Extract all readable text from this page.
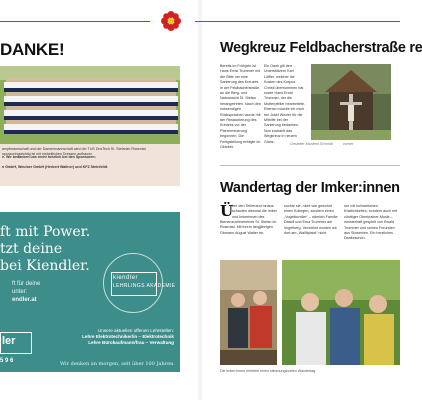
DANKE!
ampfmannschaft und der Damenmannschaft wird der TUS DnsTech St. Stefanim Rosental
sponsoringwichtig ist mit einheitlichen Dressen aufbauen
e. Wir bedanken uns recht herzlich bei den Sponsoren:
n GmbH, Weutner GmbH (Herbert Wallner) und KFZ Steinfeldt.
ft mit Power.
tzt deine
bei Kiendler.
ft für deine
unter:
endler.at
kiendler
LEHRLINGS AKADEMIE
ler
5 9 6
Unsere aktuellen offenen Lehrstellen:
Lehre Elektrotechniker/in – Elektrotechnik
Lehre Bürokaufmann/frau – Verwaltung
Wir denken an morgen, seit über 100 Jahren.
Wegkreuz Feldbacherstraße re
Bereits im Frühjahr ist Hans Ernst Trummer mit der Bitte um eine Sanierung des Kreuzes in der Feldbacherstraße, an die Berg- und Naturwacht St. Stefan herangetreten. Nach den notwendigen Rücksprachen wurde mit der Restaurierung des Kreuzes vor der Pfarrerneuerung begonnen. Die Fertigstellung erfolgte im Oktober.
Ein Dank gilt den Unterstützern Karl Löffler, welcher die Kosten des Korpus Christi übernommen hat sowie Hans Ernst Trummer, der die Mutterpfeiler bearbeitete. Ebenso möchte ich mich bei Josef Wexler für die Mithilfe bei der Sanierung bedanken. Nun erstrahlt das Wegkreuz in neuem Glanz.
Ortsleiter Manfred Schmidt	vorher
Wandertag der Imker:innen
Ü
ber den Tellerrand hinaus schauten diesmal die Imker und Imkerinnen des
Bienenzuchtvereines St. Stefan im Rosental. Mit ihrem langjährigen Obmann August Walter be-
suchte sie, nicht wie gewohnt einen Kollegen, sondern einen „Vogelkundler“ – nämlich Familie Dasidl und Erna Trummer am Vogelberg. Verwöhnt wurden wir dort am „Wallfiplatzl“ nicht
nur mit kulinarischen Köstlichkeiten, sondern auch mit zünftiger Oberkrainer-Musik – meisterhaft gespielt von Ewald Trummer und seinen Freunden aus Slowenien. Ein herzliches Dankeschön.
Die Imker:innen erlebten einen stimmungsvollen Wandertag.
